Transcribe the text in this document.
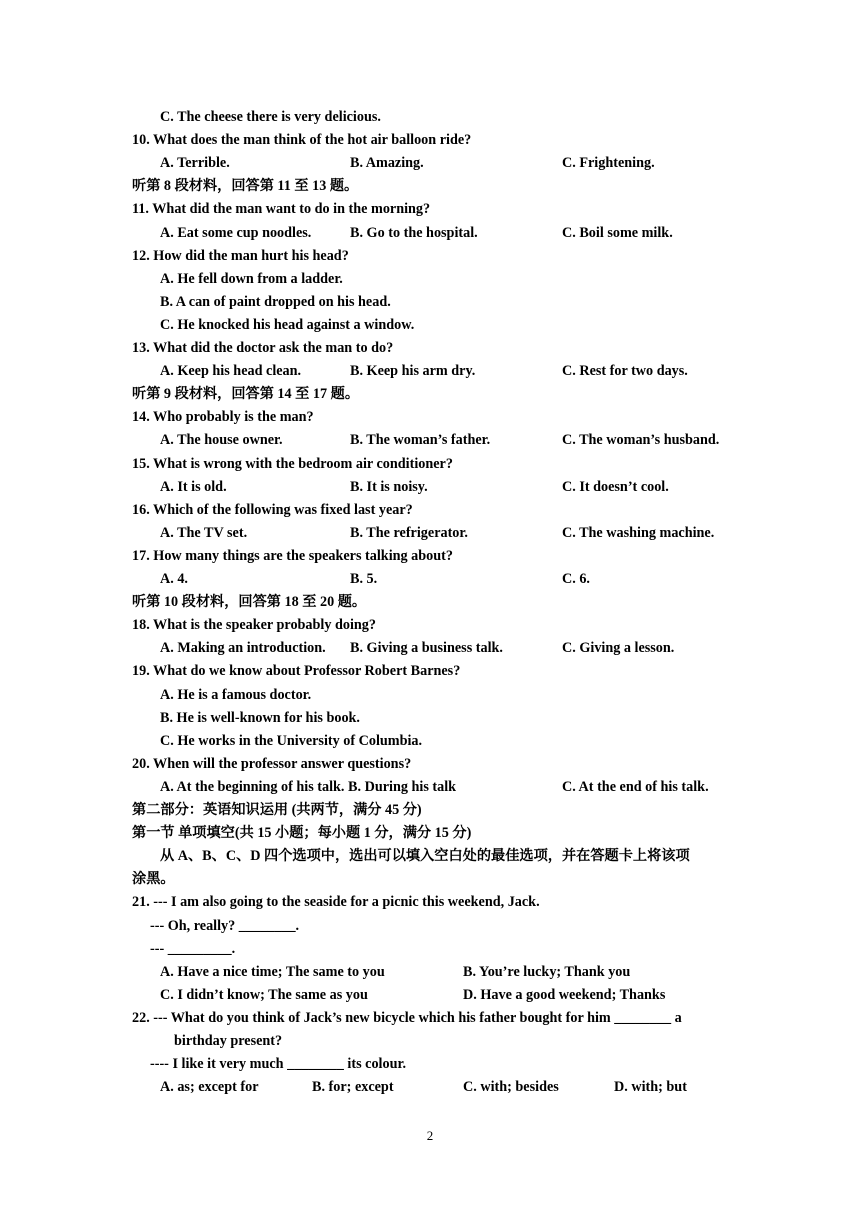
C. The cheese there is very delicious.
10. What does the man think of the hot air balloon ride?
A. Terrible.	B. Amazing.	C. Frightening.
听第 8 段材料，回答第 11 至 13 题。
11. What did the man want to do in the morning?
A. Eat some cup noodles.	B. Go to the hospital.	C. Boil some milk.
12. How did the man hurt his head?
A. He fell down from a ladder.
B. A can of paint dropped on his head.
C. He knocked his head against a window.
13. What did the doctor ask the man to do?
A. Keep his head clean.	B. Keep his arm dry.	C. Rest for two days.
听第 9 段材料，回答第 14 至 17 题。
14. Who probably is the man?
A. The house owner.	B. The woman’s father.	C. The woman’s husband.
15. What is wrong with the bedroom air conditioner?
A. It is old.	B. It is noisy.	C. It doesn’t cool.
16. Which of the following was fixed last year?
A. The TV set.	B. The refrigerator.	C. The washing machine.
17. How many things are the speakers talking about?
A. 4.	B. 5.	C. 6.
听第 10 段材料，回答第 18 至 20 题。
18. What is the speaker probably doing?
A. Making an introduction. B. Giving a business talk.	C. Giving a lesson.
19. What do we know about Professor Robert Barnes?
A. He is a famous doctor.
B. He is well-known for his book.
C. He works in the University of Columbia.
20. When will the professor answer questions?
A. At the beginning of his talk. B. During his talk	C. At the end of his talk.
第二部分：英语知识运用 (共两节，满分 45 分)
第一节 单项填空(共 15 小题；每小题 1 分，满分 15 分)
从 A、B、C、D 四个选项中，选出可以填入空白处的最佳选项，并在答题卡上将该项
涂黑。
21. --- I am also going to the seaside for a picnic this weekend, Jack.
--- Oh, really? ________.
--- _________.
A. Have a nice time; The same to you	B. You’re lucky; Thank you
C. I didn’t know; The same as you	D. Have a good weekend; Thanks
22. --- What do you think of Jack’s new bicycle which his father bought for him ________ a
birthday present?
---- I like it very much ________ its colour.
A. as; except for	B. for; except	C. with; besides	D. with; but
2
